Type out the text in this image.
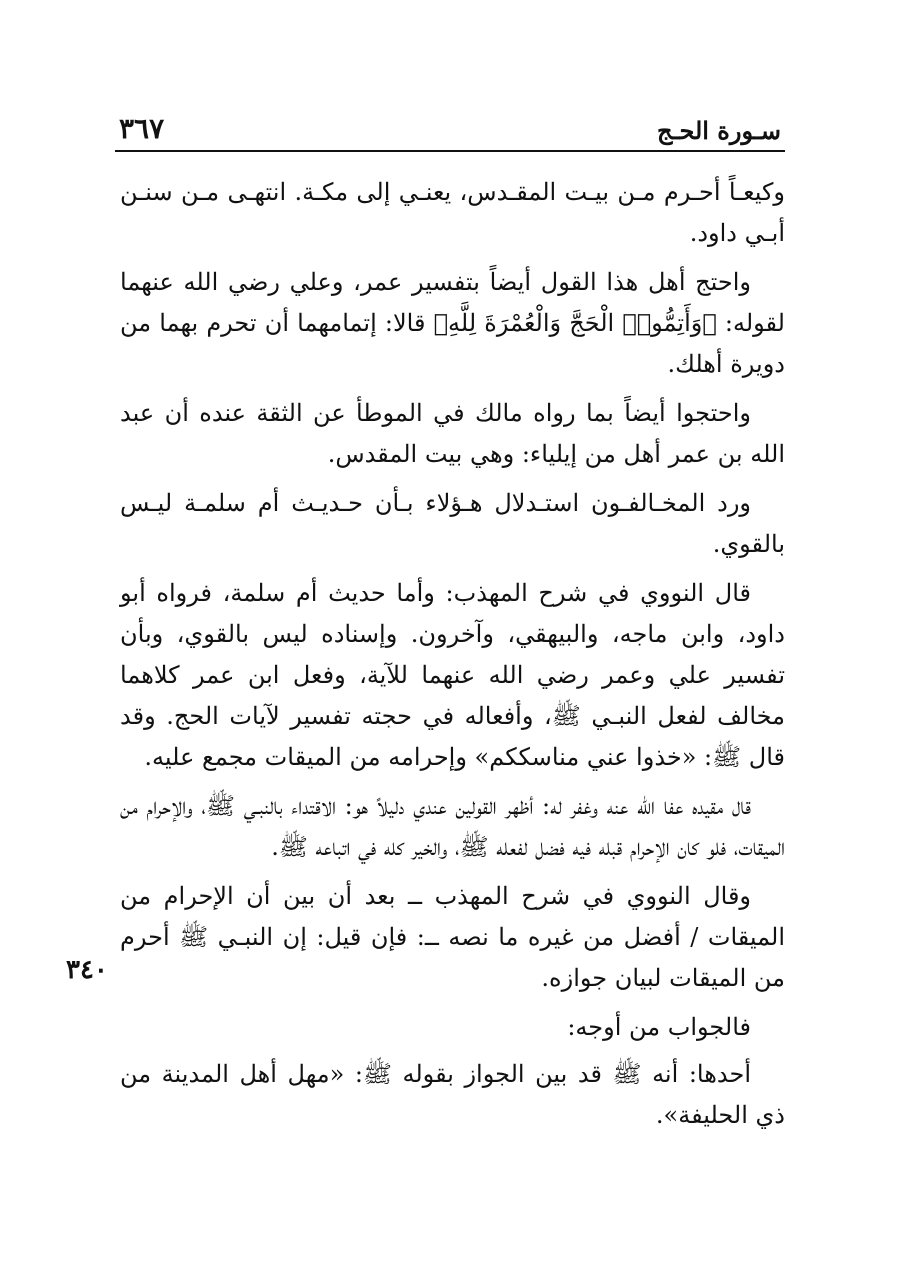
سـورة الحـج
٣٦٧
٣٤٠

وكيعـاً أحـرم مـن بيـت المقـدس، يعنـي إلى مكـة. انتهـى مـن سنـن أبـي داود.

واحتج أهل هذا القول أيضاً بتفسير عمر، وعلي رضي الله عنهما لقوله: ﴿وَأَتِمُّوا۟ الْحَجَّ وَالْعُمْرَةَ لِلَّهِ﴾ قالا: إتمامهما أن تحرم بهما من دويرة أهلك.

واحتجوا أيضاً بما رواه مالك في الموطأ عن الثقة عنده أن عبد الله بن عمر أهل من إيلياء: وهي بيت المقدس.

ورد المخـالفـون استـدلال هـؤلاء بـأن حـديـث أم سلمـة ليـس بالقوي.

قال النووي في شرح المهذب: وأما حديث أم سلمة، فرواه أبو داود، وابن ماجه، والبيهقي، وآخرون. وإسناده ليس بالقوي، وبأن تفسير علي وعمر رضي الله عنهما للآية، وفعل ابن عمر كلاهما مخالف لفعل النبـي ﷺ، وأفعاله في حجته تفسير لآيات الحج. وقد قال ﷺ: «خذوا عني مناسككم» وإحرامه من الميقات مجمع عليه.

قال مقيده عفا الله عنه وغفر له: أظهر القولين عندي دليلاً هو: الاقتداء بالنبـي ﷺ، والإحرام من الميقات، فلو كان الإحرام قبله فيه فضل لفعله ﷺ، والخير كله في اتباعه ﷺ.

وقال النووي في شرح المهذب ــ بعد أن بين أن الإحرام من الميقات / أفضل من غيره ما نصه ــ: فإن قيل: إن النبـي ﷺ أحرم من الميقات لبيان جوازه.

فالجواب من أوجه:

أحدها: أنه ﷺ قد بين الجواز بقوله ﷺ: «مهل أهل المدينة من ذي الحليفة».
